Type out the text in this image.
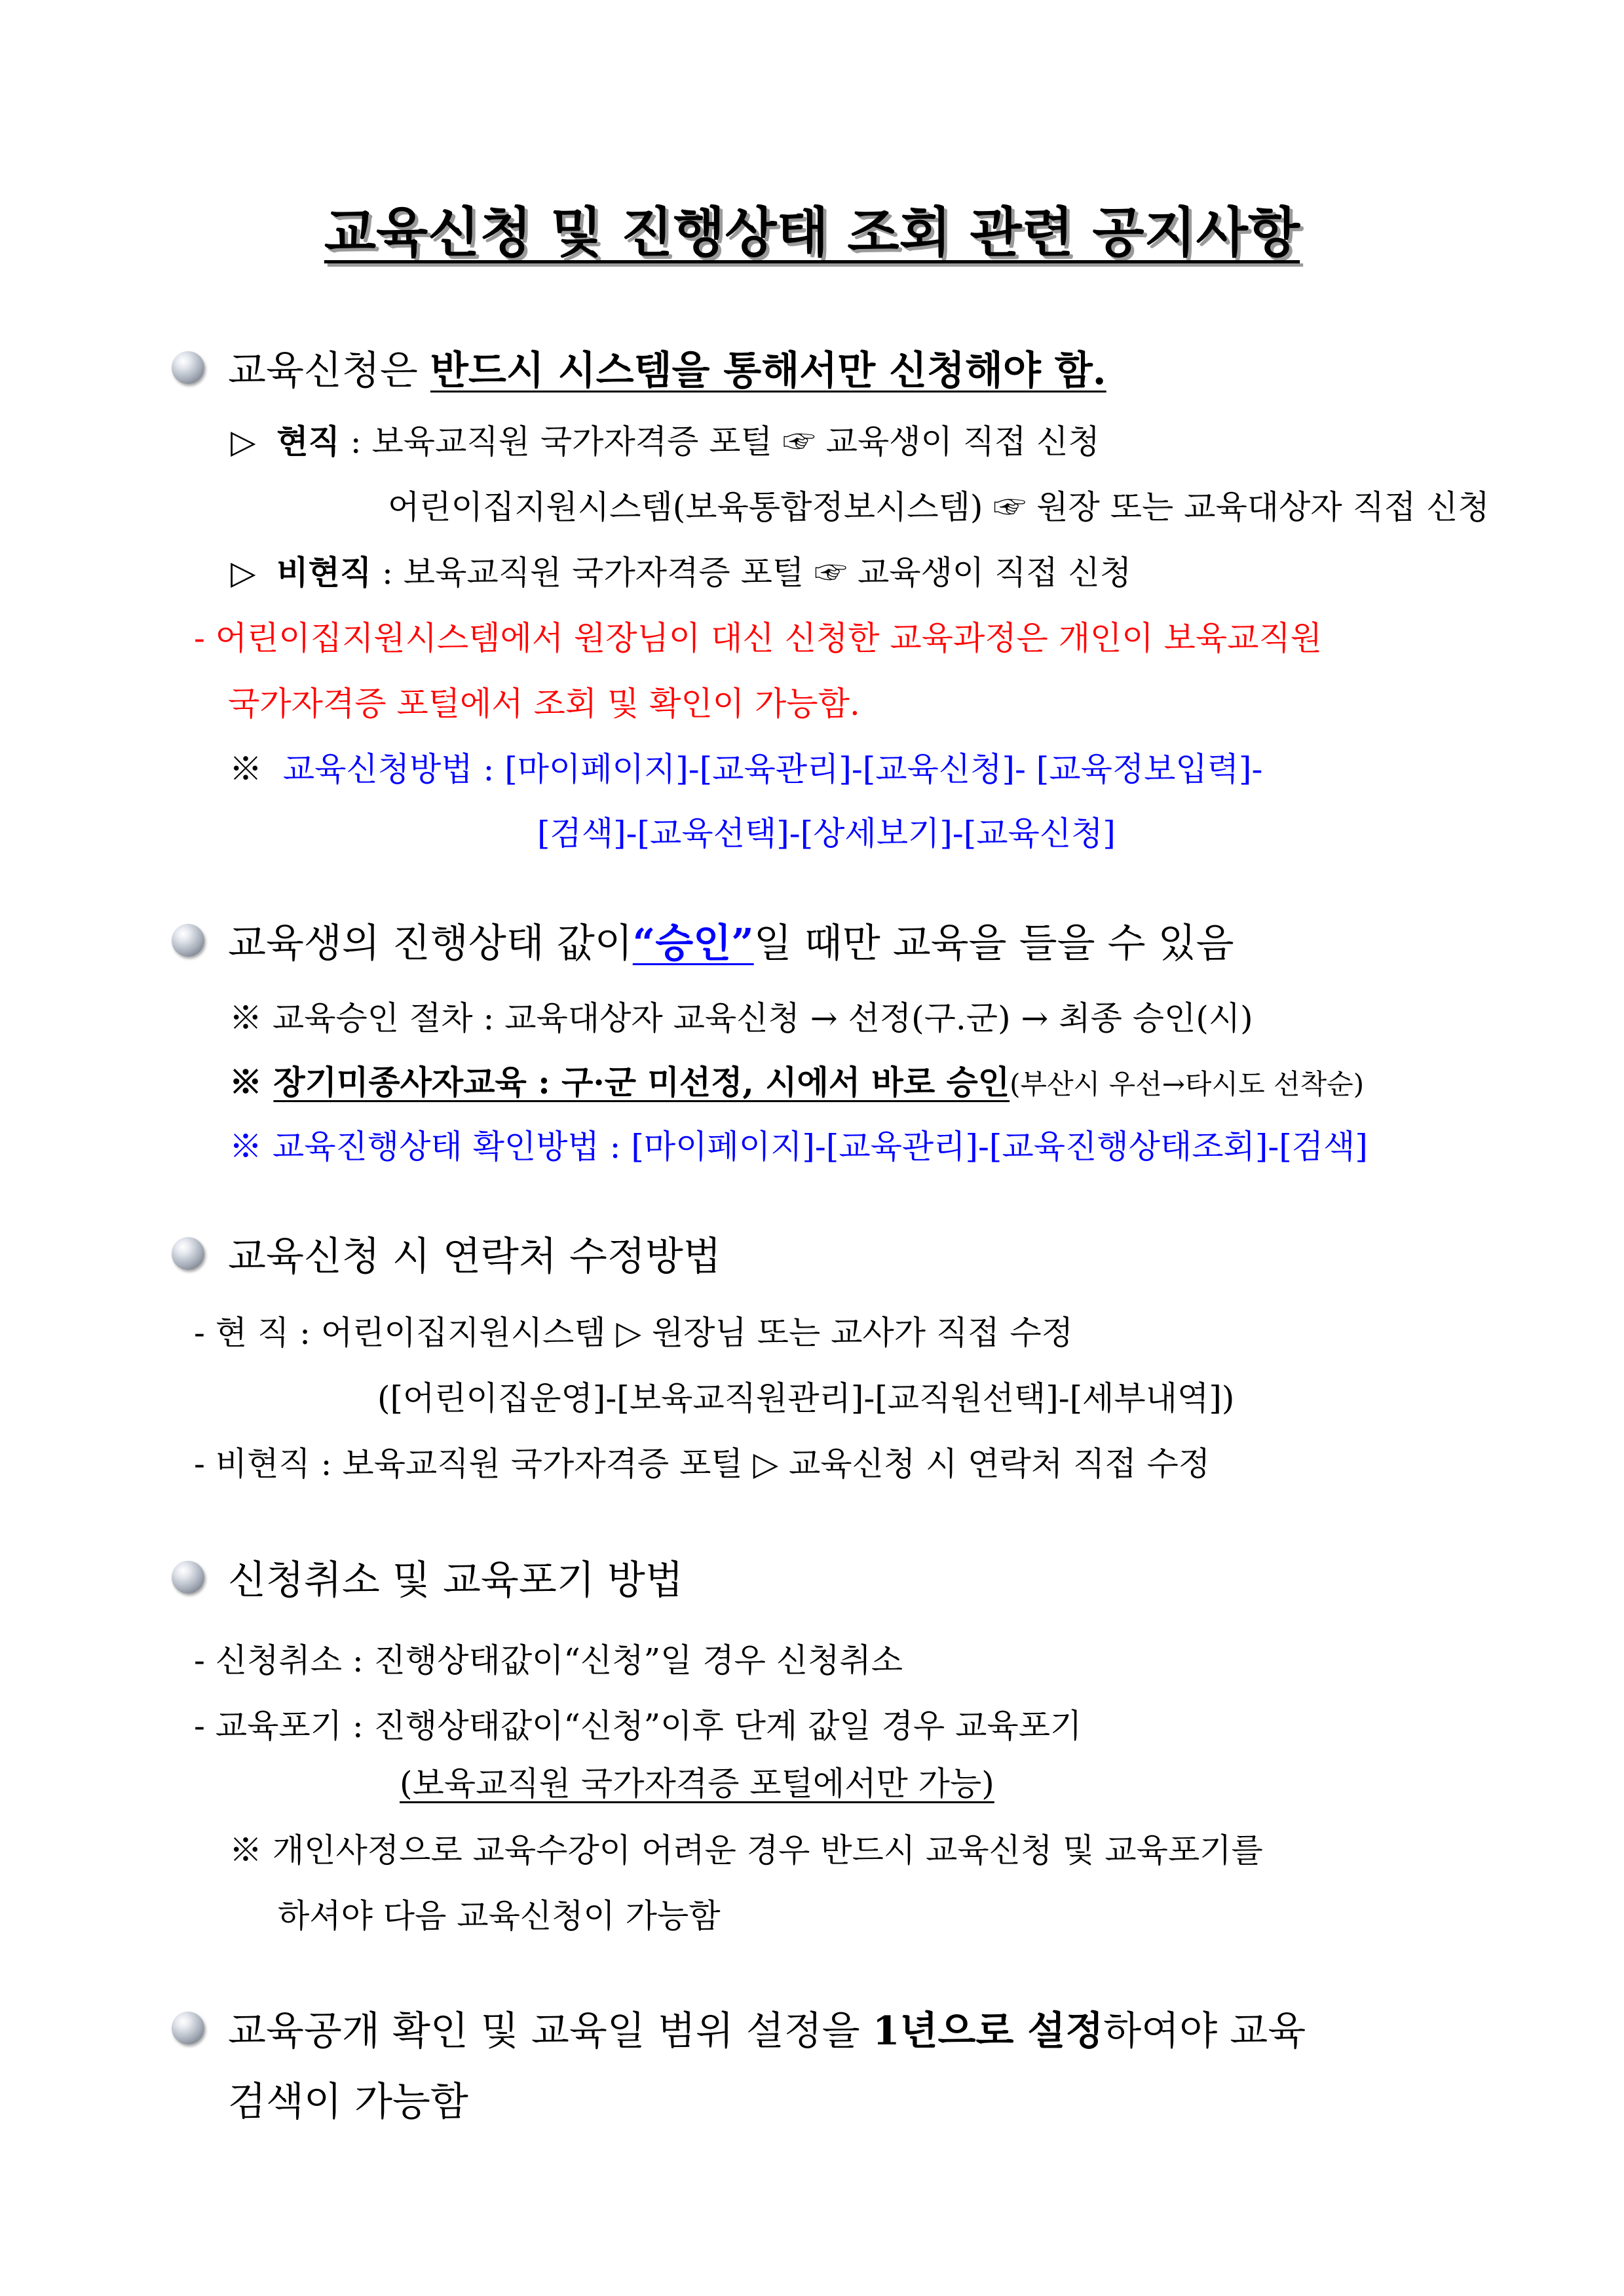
교육신청 및 진행상태 조회 관련 공지사항
교육신청은 반드시 시스템을 통해서만 신청해야 함.
▷ 현직 : 보육교직원 국가자격증 포털 ☞ 교육생이 직접 신청
어린이집지원시스템(보육통합정보시스템) ☞ 원장 또는 교육대상자 직접 신청
▷ 비현직 : 보육교직원 국가자격증 포털 ☞ 교육생이 직접 신청
- 어린이집지원시스템에서 원장님이 대신 신청한 교육과정은 개인이 보육교직원
국가자격증 포털에서 조회 및 확인이 가능함.
※ 교육신청방법 : [마이페이지]-[교육관리]-[교육신청]- [교육정보입력]-
[검색]-[교육선택]-[상세보기]-[교육신청]
교육생의 진행상태 값이“승인”일 때만 교육을 들을 수 있음
※ 교육승인 절차 : 교육대상자 교육신청 → 선정(구.군) → 최종 승인(시)
※ 장기미종사자교육 : 구·군 미선정, 시에서 바로 승인(부산시 우선→타시도 선착순)
※ 교육진행상태 확인방법 : [마이페이지]-[교육관리]-[교육진행상태조회]-[검색]
교육신청 시 연락처 수정방법
- 현 직 : 어린이집지원시스템 ▷ 원장님 또는 교사가 직접 수정
([어린이집운영]-[보육교직원관리]-[교직원선택]-[세부내역])
- 비현직 : 보육교직원 국가자격증 포털 ▷ 교육신청 시 연락처 직접 수정
신청취소 및 교육포기 방법
- 신청취소 : 진행상태값이“신청”일 경우 신청취소
- 교육포기 : 진행상태값이“신청”이후 단계 값일 경우 교육포기
(보육교직원 국가자격증 포털에서만 가능)
※ 개인사정으로 교육수강이 어려운 경우 반드시 교육신청 및 교육포기를
하셔야 다음 교육신청이 가능함
교육공개 확인 및 교육일 범위 설정을 1년으로 설정하여야 교육
검색이 가능함
